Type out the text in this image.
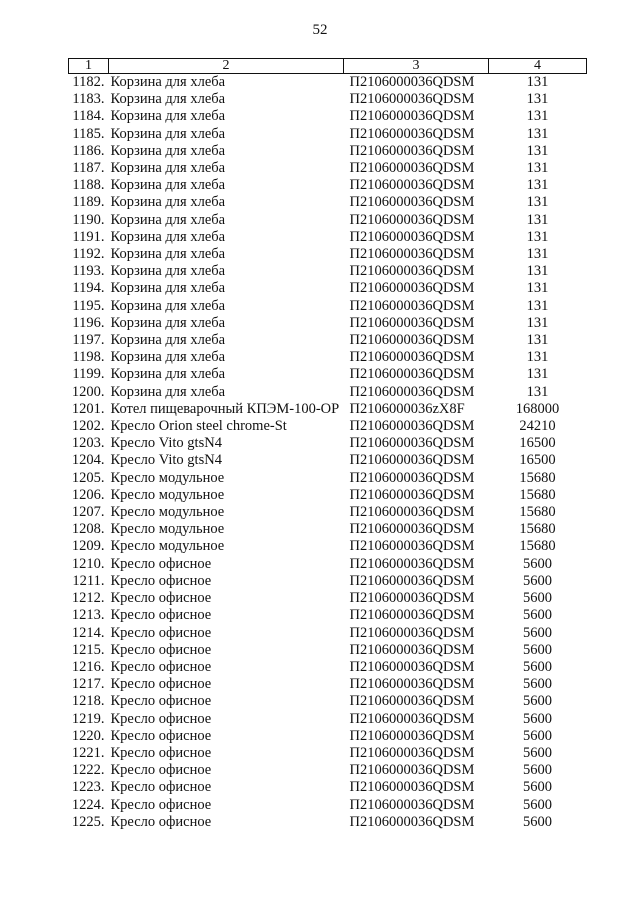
52
1	2	3	4
1182.	Корзина для хлеба	П2106000036QDSM	131
1183.	Корзина для хлеба	П2106000036QDSM	131
1184.	Корзина для хлеба	П2106000036QDSM	131
1185.	Корзина для хлеба	П2106000036QDSM	131
1186.	Корзина для хлеба	П2106000036QDSM	131
1187.	Корзина для хлеба	П2106000036QDSM	131
1188.	Корзина для хлеба	П2106000036QDSM	131
1189.	Корзина для хлеба	П2106000036QDSM	131
1190.	Корзина для хлеба	П2106000036QDSM	131
1191.	Корзина для хлеба	П2106000036QDSM	131
1192.	Корзина для хлеба	П2106000036QDSM	131
1193.	Корзина для хлеба	П2106000036QDSM	131
1194.	Корзина для хлеба	П2106000036QDSM	131
1195.	Корзина для хлеба	П2106000036QDSM	131
1196.	Корзина для хлеба	П2106000036QDSM	131
1197.	Корзина для хлеба	П2106000036QDSM	131
1198.	Корзина для хлеба	П2106000036QDSM	131
1199.	Корзина для хлеба	П2106000036QDSM	131
1200.	Корзина для хлеба	П2106000036QDSM	131
1201.	Котел пищеварочный КПЭМ-100-ОР	П2106000036zX8F	168000
1202.	Кресло Orion steel chrome-St	П2106000036QDSM	24210
1203.	Кресло Vito gtsN4	П2106000036QDSM	16500
1204.	Кресло Vito gtsN4	П2106000036QDSM	16500
1205.	Кресло модульное	П2106000036QDSM	15680
1206.	Кресло модульное	П2106000036QDSM	15680
1207.	Кресло модульное	П2106000036QDSM	15680
1208.	Кресло модульное	П2106000036QDSM	15680
1209.	Кресло модульное	П2106000036QDSM	15680
1210.	Кресло офисное	П2106000036QDSM	5600
1211.	Кресло офисное	П2106000036QDSM	5600
1212.	Кресло офисное	П2106000036QDSM	5600
1213.	Кресло офисное	П2106000036QDSM	5600
1214.	Кресло офисное	П2106000036QDSM	5600
1215.	Кресло офисное	П2106000036QDSM	5600
1216.	Кресло офисное	П2106000036QDSM	5600
1217.	Кресло офисное	П2106000036QDSM	5600
1218.	Кресло офисное	П2106000036QDSM	5600
1219.	Кресло офисное	П2106000036QDSM	5600
1220.	Кресло офисное	П2106000036QDSM	5600
1221.	Кресло офисное	П2106000036QDSM	5600
1222.	Кресло офисное	П2106000036QDSM	5600
1223.	Кресло офисное	П2106000036QDSM	5600
1224.	Кресло офисное	П2106000036QDSM	5600
1225.	Кресло офисное	П2106000036QDSM	5600
